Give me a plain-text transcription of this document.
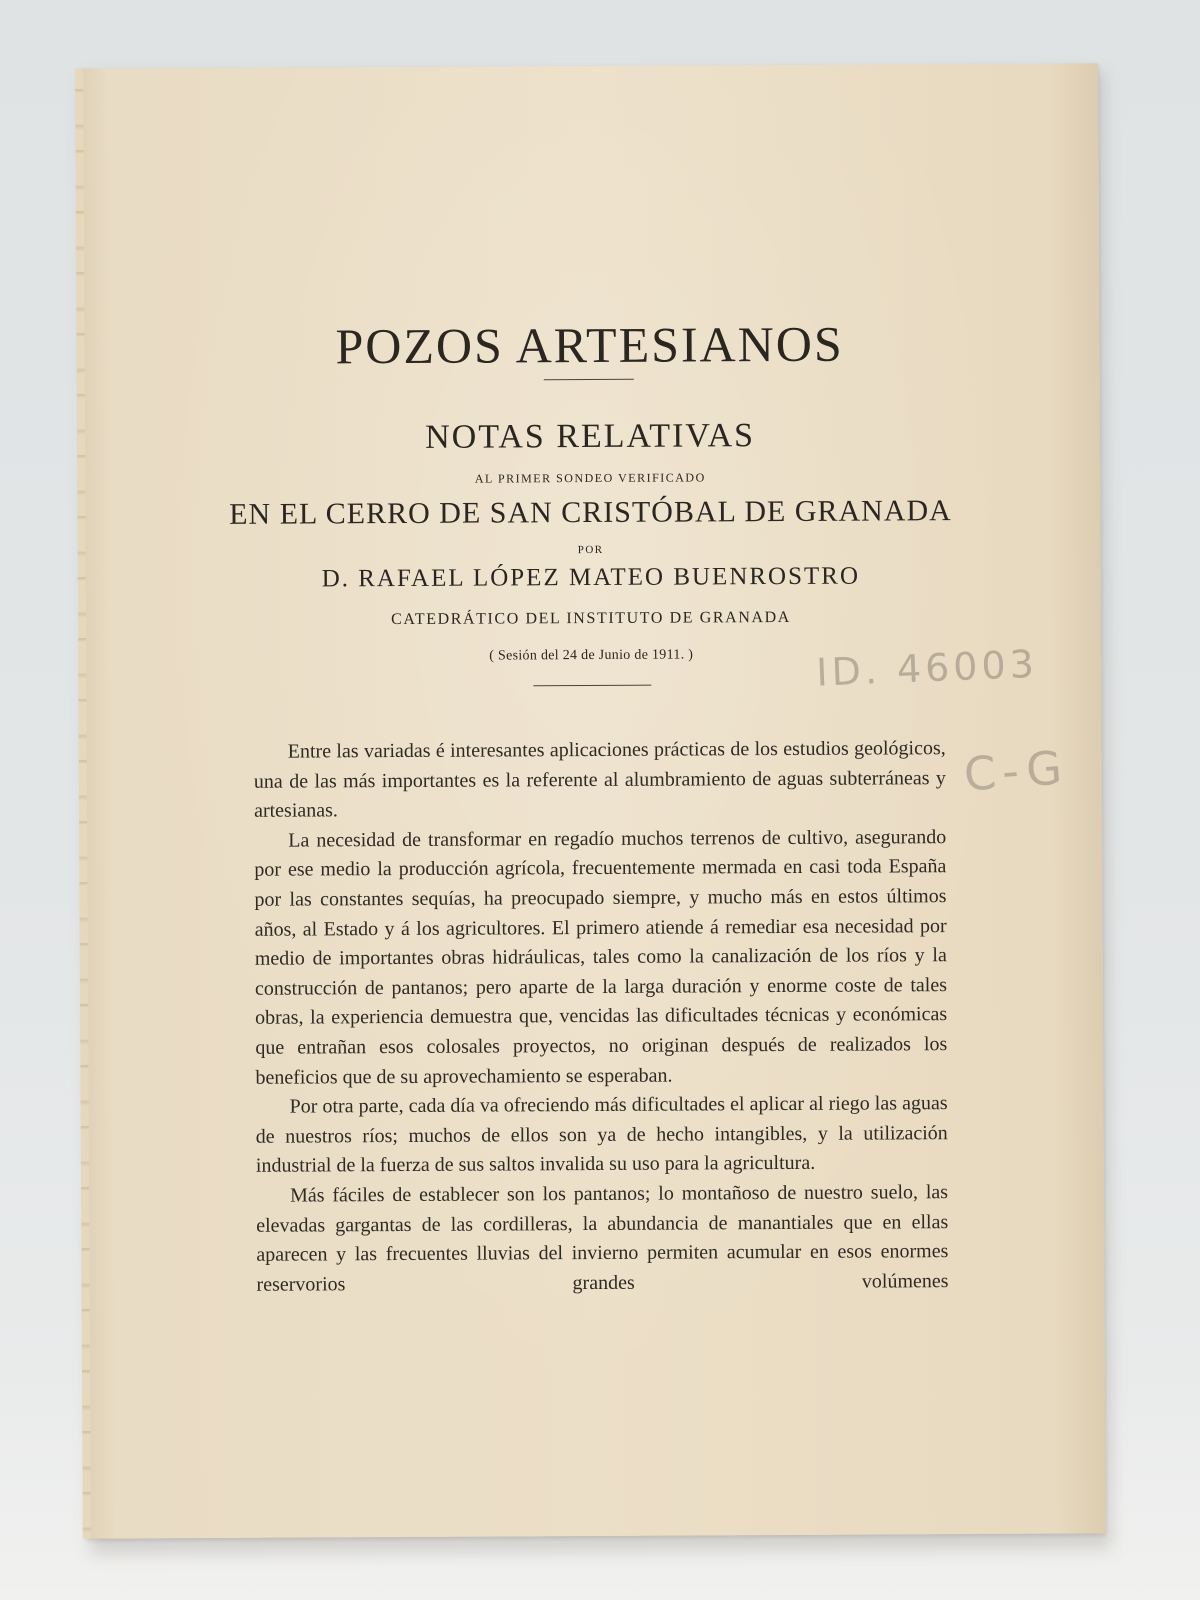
POZOS ARTESIANOS
NOTAS RELATIVAS
AL PRIMER SONDEO VERIFICADO
EN EL CERRO DE SAN CRISTÓBAL DE GRANADA
POR
D. RAFAEL LÓPEZ MATEO BUENROSTRO
CATEDRÁTICO DEL INSTITUTO DE GRANADA
( Sesión del 24 de Junio de 1911. )	ID. 46003
C-G

Entre las variadas é interesantes aplicaciones prácticas de los estudios geológicos, una de las más importantes es la referente al alumbramiento de aguas subterráneas y artesianas.

La necesidad de transformar en regadío muchos terrenos de cultivo, asegurando por ese medio la producción agrícola, frecuentemente mermada en casi toda España por las constantes sequías, ha preocupado siempre, y mucho más en estos últimos años, al Estado y á los agricultores. El primero atiende á remediar esa necesidad por medio de importantes obras hidráulicas, tales como la canalización de los ríos y la construcción de pantanos; pero aparte de la larga duración y enorme coste de tales obras, la experiencia demuestra que, vencidas las dificultades técnicas y económicas que entrañan esos colosales proyectos, no originan después de realizados los beneficios que de su aprovechamiento se esperaban.

Por otra parte, cada día va ofreciendo más dificultades el aplicar al riego las aguas de nuestros ríos; muchos de ellos son ya de hecho intangibles, y la utilización industrial de la fuerza de sus saltos invalida su uso para la agricultura.

Más fáciles de establecer son los pantanos; lo montañoso de nuestro suelo, las elevadas gargantas de las cordilleras, la abundancia de manantiales que en ellas aparecen y las frecuentes lluvias del invierno permiten acumular en esos enormes reservorios grandes volúmenes
